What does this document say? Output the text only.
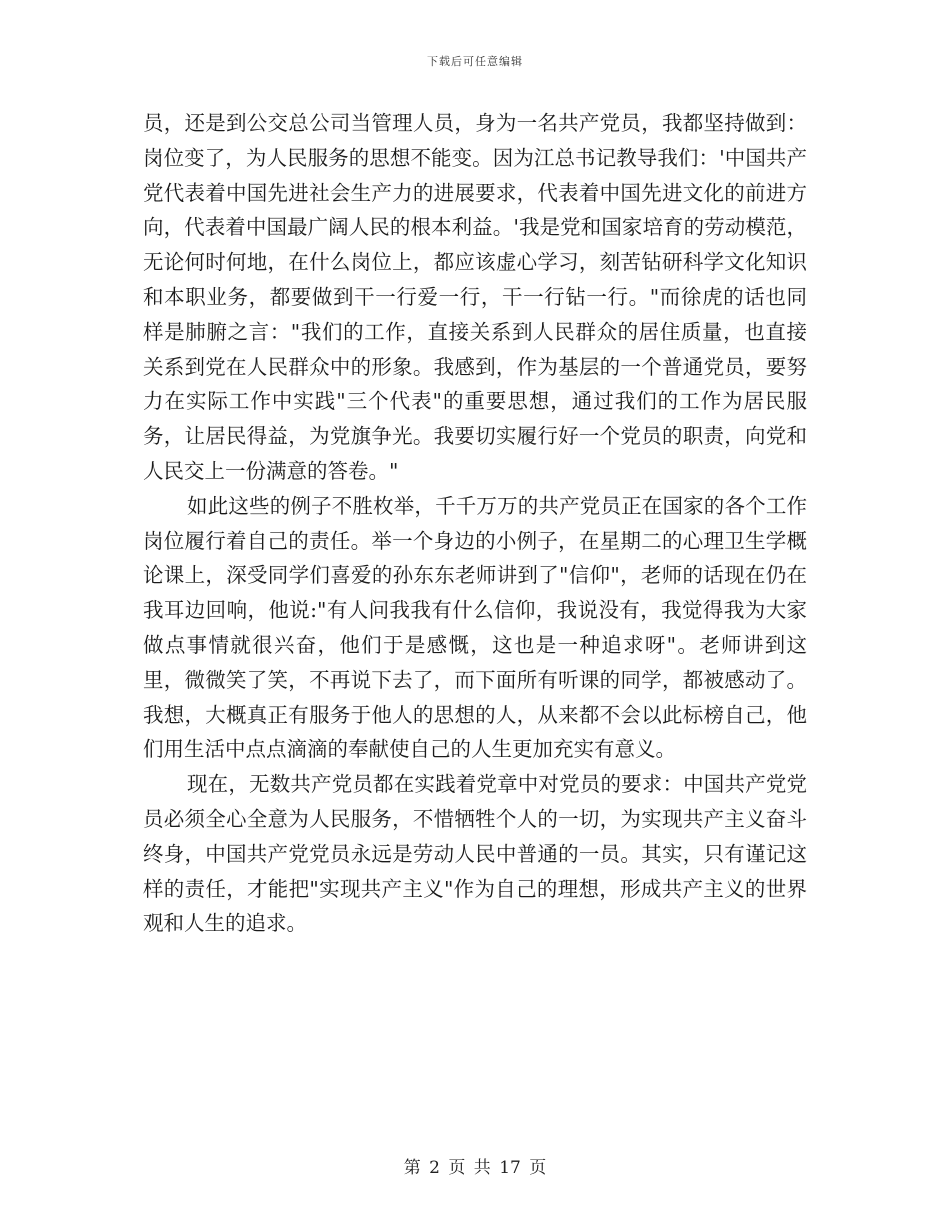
下载后可任意编辑

员，还是到公交总公司当管理人员，身为一名共产党员，我都坚持做到：岗位变了，为人民服务的思想不能变。因为江总书记教导我们：'中国共产党代表着中国先进社会生产力的进展要求，代表着中国先进文化的前进方向，代表着中国最广阔人民的根本利益。'我是党和国家培育的劳动模范，无论何时何地，在什么岗位上，都应该虚心学习，刻苦钻研科学文化知识和本职业务，都要做到干一行爱一行，干一行钻一行。"而徐虎的话也同样是肺腑之言："我们的工作，直接关系到人民群众的居住质量，也直接关系到党在人民群众中的形象。我感到，作为基层的一个普通党员，要努力在实际工作中实践"三个代表"的重要思想，通过我们的工作为居民服务，让居民得益，为党旗争光。我要切实履行好一个党员的职责，向党和人民交上一份满意的答卷。"

如此这些的例子不胜枚举，千千万万的共产党员正在国家的各个工作岗位履行着自己的责任。举一个身边的小例子，在星期二的心理卫生学概论课上，深受同学们喜爱的孙东东老师讲到了"信仰"，老师的话现在仍在我耳边回响，他说:"有人问我我有什么信仰，我说没有，我觉得我为大家做点事情就很兴奋，他们于是感慨，这也是一种追求呀"。老师讲到这里，微微笑了笑，不再说下去了，而下面所有听课的同学，都被感动了。我想，大概真正有服务于他人的思想的人，从来都不会以此标榜自己，他们用生活中点点滴滴的奉献使自己的人生更加充实有意义。

现在，无数共产党员都在实践着党章中对党员的要求：中国共产党党员必须全心全意为人民服务，不惜牺牲个人的一切，为实现共产主义奋斗终身，中国共产党党员永远是劳动人民中普通的一员。其实，只有谨记这样的责任，才能把"实现共产主义"作为自己的理想，形成共产主义的世界观和人生的追求。

第 2 页 共 17 页
